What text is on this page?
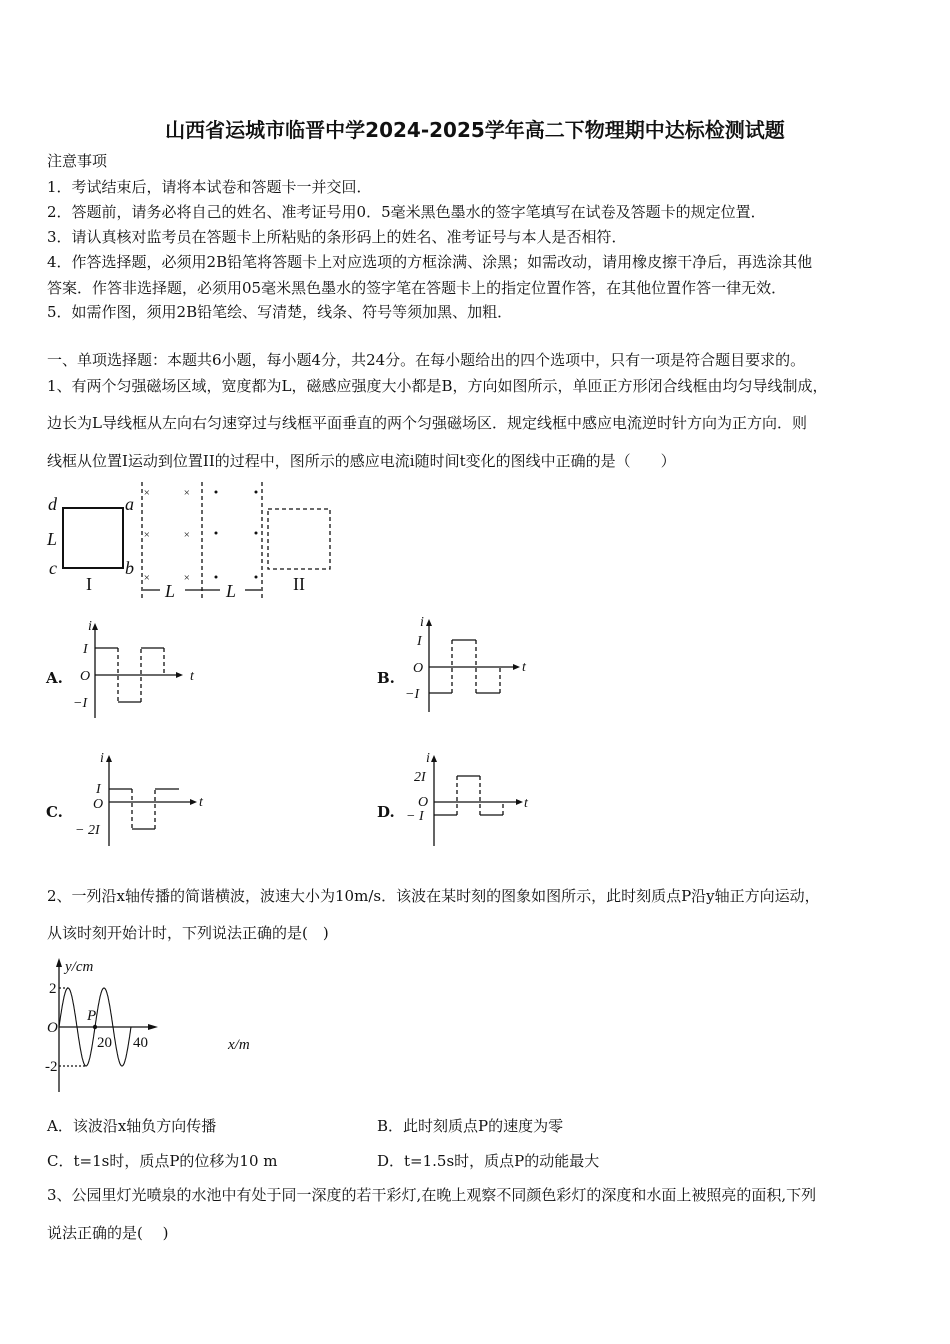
山西省运城市临晋中学2024-2025学年高二下物理期中达标检测试题
注意事项
1．考试结束后，请将本试卷和答题卡一并交回．
2．答题前，请务必将自己的姓名、准考证号用0．5毫米黑色墨水的签字笔填写在试卷及答题卡的规定位置．
3．请认真核对监考员在答题卡上所粘贴的条形码上的姓名、准考证号与本人是否相符．
4．作答选择题，必须用2B铅笔将答题卡上对应选项的方框涂满、涂黑；如需改动，请用橡皮擦干净后，再选涂其他
答案．作答非选择题，必须用05毫米黑色墨水的签字笔在答题卡上的指定位置作答，在其他位置作答一律无效．
5．如需作图，须用2B铅笔绘、写清楚，线条、符号等须加黑、加粗．
一、单项选择题：本题共6小题，每小题4分，共24分。在每小题给出的四个选项中，只有一项是符合题目要求的。
1、有两个匀强磁场区域，宽度都为L，磁感应强度大小都是B，方向如图所示，单匝正方形闭合线框由均匀导线制成，
边长为L导线框从左向右匀速穿过与线框平面垂直的两个匀强磁场区．规定线框中感应电流逆时针方向为正方向．则
线框从位置I运动到位置II的过程中，图所示的感应电流i随时间t变化的图线中正确的是（　　）
×	×
×	×
×	×
d	a
L
c	b
I	II
L	L
A.
i
t
O
I
−I
B.
i
t
O
I
−I
C.
i
t
O
I
− 2I
D.
i
t
O
2I
− I
2、一列沿x轴传播的简谐横波，波速大小为10m/s．该波在某时刻的图象如图所示，此时刻质点P沿y轴正方向运动，
从该时刻开始计时，下列说法正确的是(　)
y/cm
x/m
2
-2
O
P
20 40
A．该波沿x轴负方向传播	B．此时刻质点P的速度为零
C．t=1s时，质点P的位移为10 m	D．t=1.5s时，质点P的动能最大
3、公园里灯光喷泉的水池中有处于同一深度的若干彩灯,在晚上观察不同颜色彩灯的深度和水面上被照亮的面积,下列
说法正确的是(　 )
